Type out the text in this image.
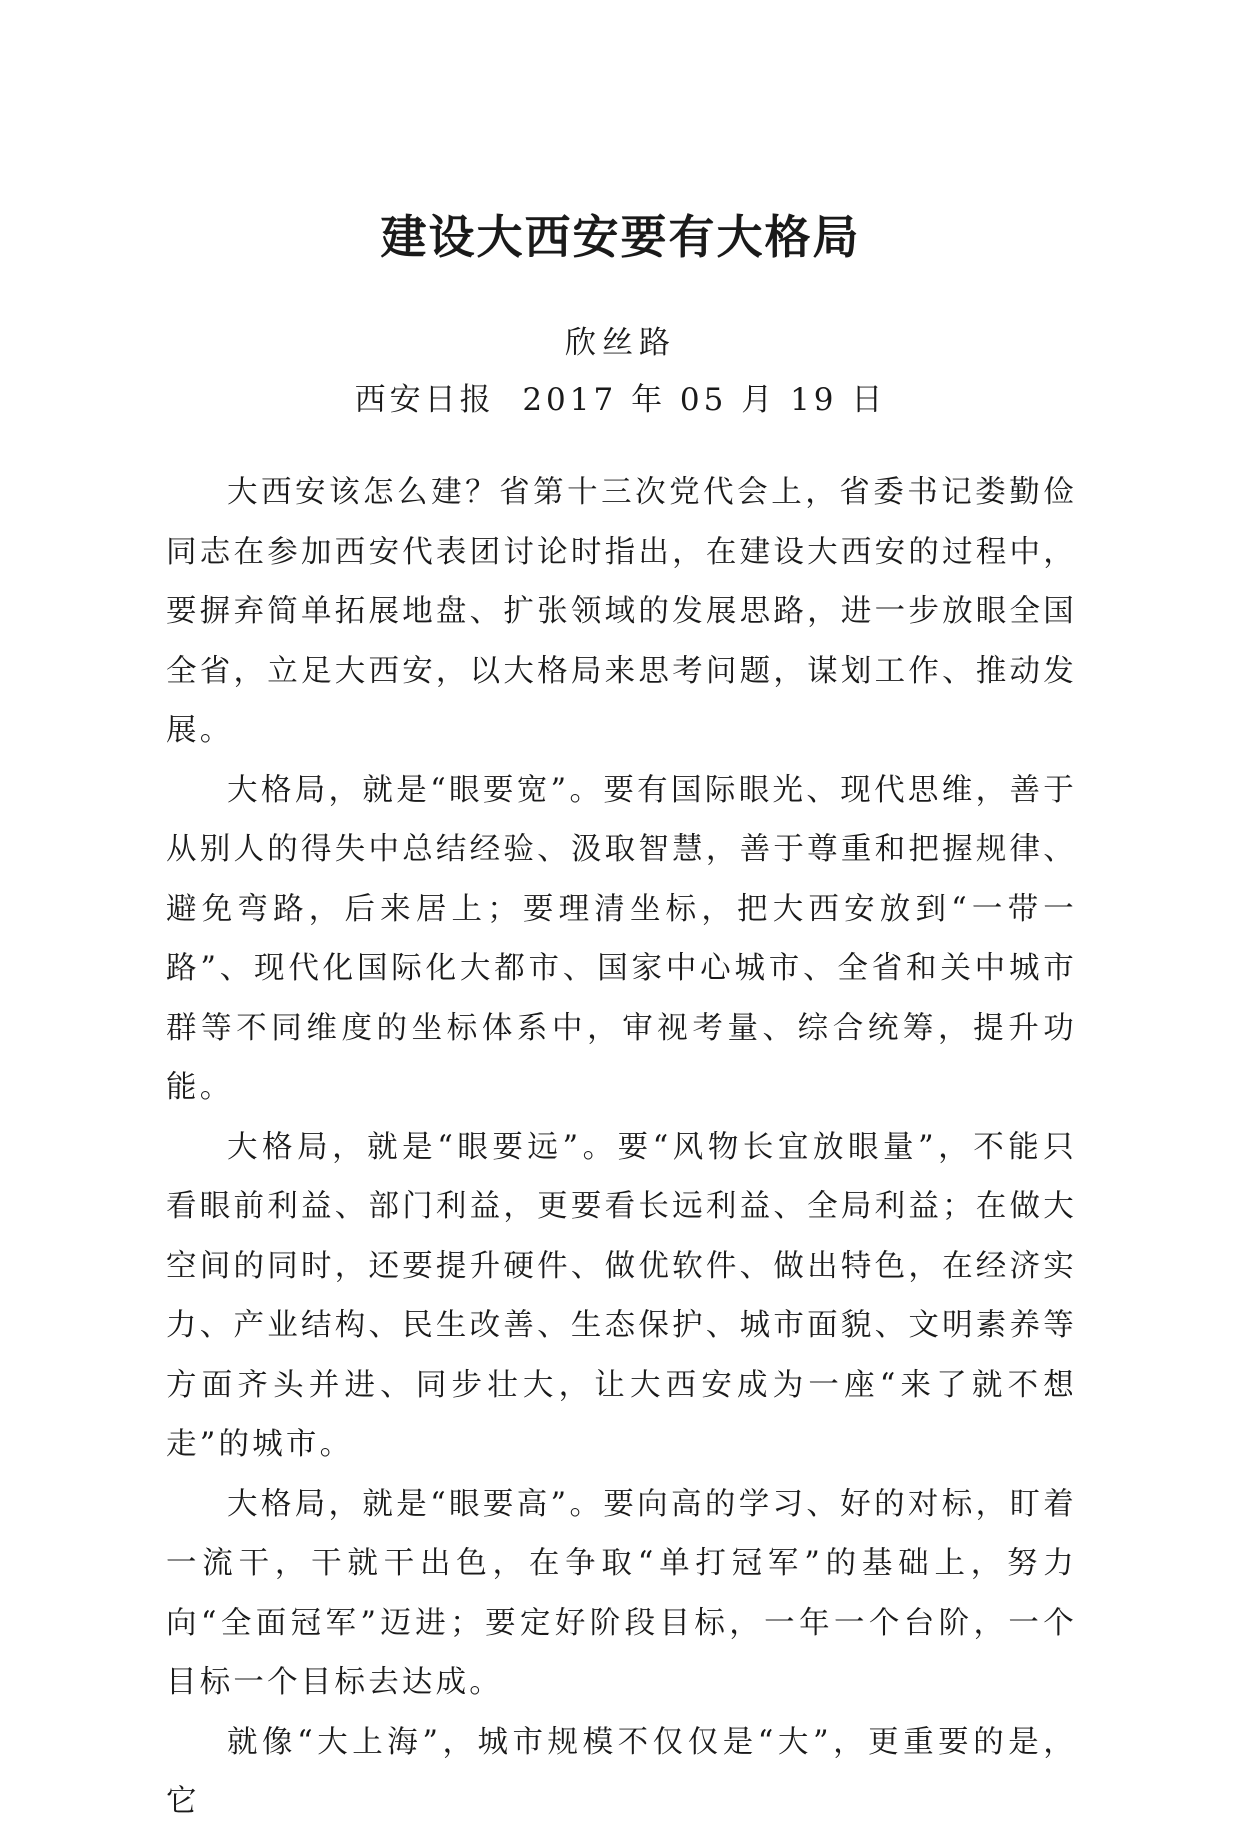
建设大西安要有大格局
欣丝路
西安日报  2017 年 05 月 19 日

大西安该怎么建？省第十三次党代会上，省委书记娄勤俭同志在参加西安代表团讨论时指出，在建设大西安的过程中，要摒弃简单拓展地盘、扩张领域的发展思路，进一步放眼全国全省，立足大西安，以大格局来思考问题，谋划工作、推动发展。

大格局，就是“眼要宽”。要有国际眼光、现代思维，善于从别人的得失中总结经验、汲取智慧，善于尊重和把握规律、避免弯路，后来居上；要理清坐标，把大西安放到“一带一路”、现代化国际化大都市、国家中心城市、全省和关中城市群等不同维度的坐标体系中，审视考量、综合统筹，提升功能。

大格局，就是“眼要远”。要“风物长宜放眼量”，不能只看眼前利益、部门利益，更要看长远利益、全局利益；在做大空间的同时，还要提升硬件、做优软件、做出特色，在经济实力、产业结构、民生改善、生态保护、城市面貌、文明素养等方面齐头并进、同步壮大，让大西安成为一座“来了就不想走”的城市。

大格局，就是“眼要高”。要向高的学习、好的对标，盯着一流干，干就干出色，在争取“单打冠军”的基础上，努力向“全面冠军”迈进；要定好阶段目标，一年一个台阶，一个目标一个目标去达成。

就像“大上海”，城市规模不仅仅是“大”，更重要的是，它
